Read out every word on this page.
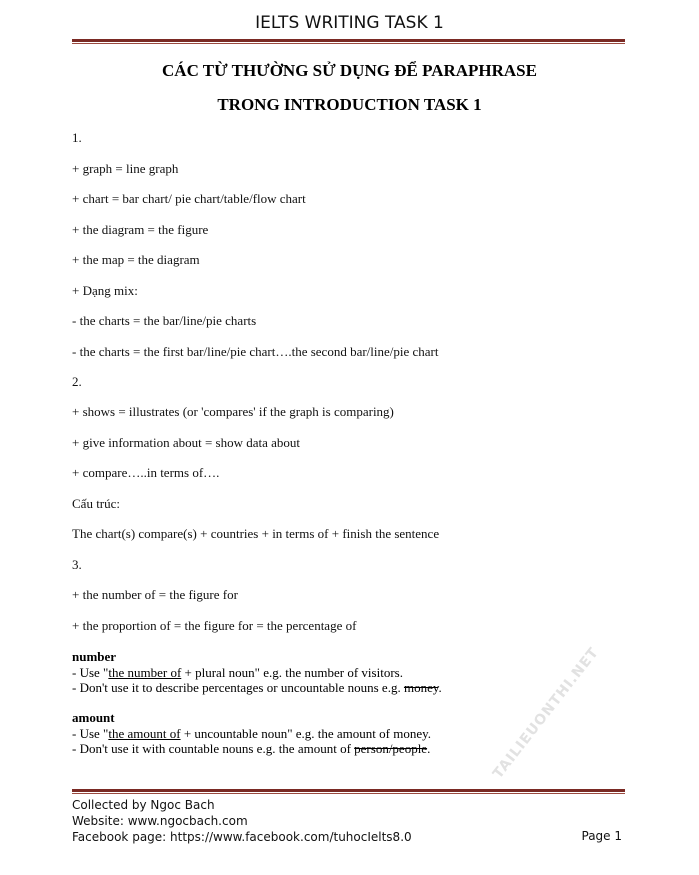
IELTS WRITING TASK 1
CÁC TỪ THƯỜNG SỬ DỤNG ĐỂ PARAPHRASE
TRONG INTRODUCTION TASK 1
1.
+ graph = line graph
+ chart = bar chart/ pie chart/table/flow chart
+ the diagram = the figure
+ the map = the diagram
+ Dạng mix:
- the charts = the bar/line/pie charts
- the charts = the first bar/line/pie chart….the second bar/line/pie chart
2.
+ shows = illustrates (or 'compares' if the graph is comparing)
+ give information about = show data about
+ compare…..in terms of….
Cấu trúc:
The chart(s) compare(s) + countries + in terms of + finish the sentence
3.
+ the number of = the figure for
+ the proportion of = the figure for = the percentage of
number
- Use "the number of + plural noun" e.g. the number of visitors.
- Don't use it to describe percentages or uncountable nouns e.g. money.
amount
- Use "the amount of + uncountable noun" e.g. the amount of money.
- Don't use it with countable nouns e.g. the amount of person/people.
Collected by Ngoc Bach
Website: www.ngocbach.com
Facebook page: https://www.facebook.com/tuhocIelts8.0	Page 1
TAILIEUONTHI.NET
